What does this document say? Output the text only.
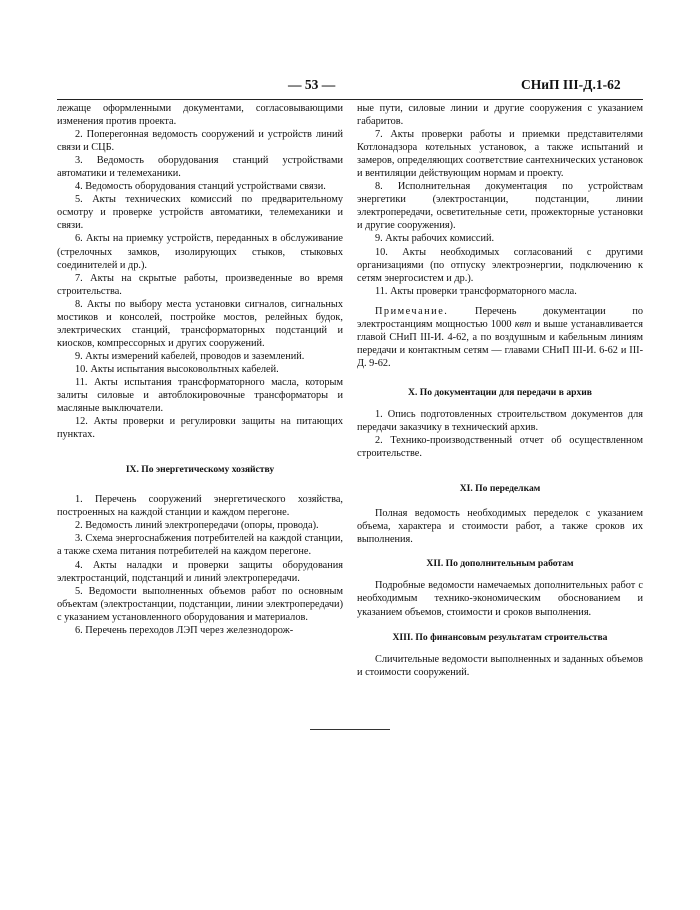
— 53 —	СНиП III-Д.1-62

лежаще оформленными документами, согласовывающими изменения против проекта.

2. Поперегонная ведомость сооружений и устройств линий связи и СЦБ.

3. Ведомость оборудования станций устройствами автоматики и телемеханики.

4. Ведомость оборудования станций устройствами связи.

5. Акты технических комиссий по предварительному осмотру и проверке устройств автоматики, телемеханики и связи.

6. Акты на приемку устройств, переданных в обслуживание (стрелочных замков, изолирующих стыков, стыковых соединителей и др.).

7. Акты на скрытые работы, произведенные во время строительства.

8. Акты по выбору места установки сигналов, сигнальных мостиков и консолей, постройке мостов, релейных будок, электрических станций, трансформаторных подстанций и киосков, компрессорных и других сооружений.

9. Акты измерений кабелей, проводов и заземлений.

10. Акты испытания высоковольтных кабелей.

11. Акты испытания трансформаторного масла, которым залиты силовые и автоблокировочные трансформаторы и масляные выключатели.

12. Акты проверки и регулировки защиты на питающих пунктах.

IX. По энергетическому хозяйству

1. Перечень сооружений энергетического хозяйства, построенных на каждой станции и каждом перегоне.

2. Ведомость линий электропередачи (опоры, провода).

3. Схема энергоснабжения потребителей на каждой станции, а также схема питания потребителей на каждом перегоне.

4. Акты наладки и проверки защиты оборудования электростанций, подстанций и линий электропередачи.

5. Ведомости выполненных объемов работ по основным объектам (электростанции, подстанции, линии электропередачи) с указанием установленного оборудования и материалов.

6. Перечень переходов ЛЭП через железнодорож-

ные пути, силовые линии и другие сооружения с указанием габаритов.

7. Акты проверки работы и приемки представителями Котлонадзора котельных установок, а также испытаний и замеров, определяющих соответствие сантехнических установок и вентиляции действующим нормам и проекту.

8. Исполнительная документация по устройствам энергетики (электростанции, подстанции, линии электропередачи, осветительные сети, прожекторные установки и другие сооружения).

9. Акты рабочих комиссий.

10. Акты необходимых согласований с другими организациями (по отпуску электроэнергии, подключению к сетям энергосистем и др.).

11. Акты проверки трансформаторного масла.

Примечание.	Перечень документации по электростанциям мощностью 1000 квт и выше устанавливается главой СНиП III-И. 4-62, а по воздушным и кабельным линиям передачи и контактным сетям — главами СНиП III-И. 6-62 и III-Д. 9-62.

X. По документации для передачи в архив

1. Опись подготовленных строительством документов для передачи заказчику в технический архив.

2. Технико-производственный отчет об осуществленном строительстве.

XI. По переделкам

Полная ведомость необходимых переделок с указанием объема, характера и стоимости работ, а также сроков их выполнения.

XII. По дополнительным работам

Подробные ведомости намечаемых дополнительных работ с необходимым технико-экономическим обоснованием и указанием объемов, стоимости и сроков выполнения.

XIII. По финансовым результатам строительства

Сличительные ведомости выполненных и заданных объемов и стоимости сооружений.
